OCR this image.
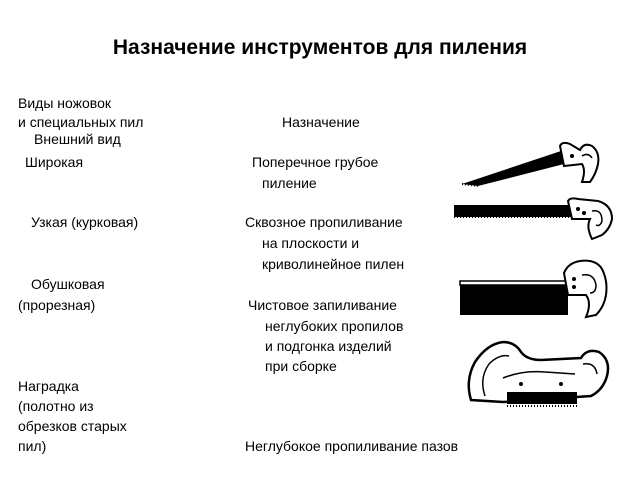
Назначение инструментов для пиления
Виды ножовок
и специальных пил	Назначение
Внешний вид
Широкая	Поперечное грубое
пиление
Узкая (курковая)	Сквозное пропиливание
на плоскости и
криволинейное пилен
Обушковая
(прорезная)	Чистовое запиливание
неглубоких пропилов
и подгонка изделий
при сборке
Наградка
(полотно из
обрезков старых
пил)	Неглубокое пропиливание пазов
